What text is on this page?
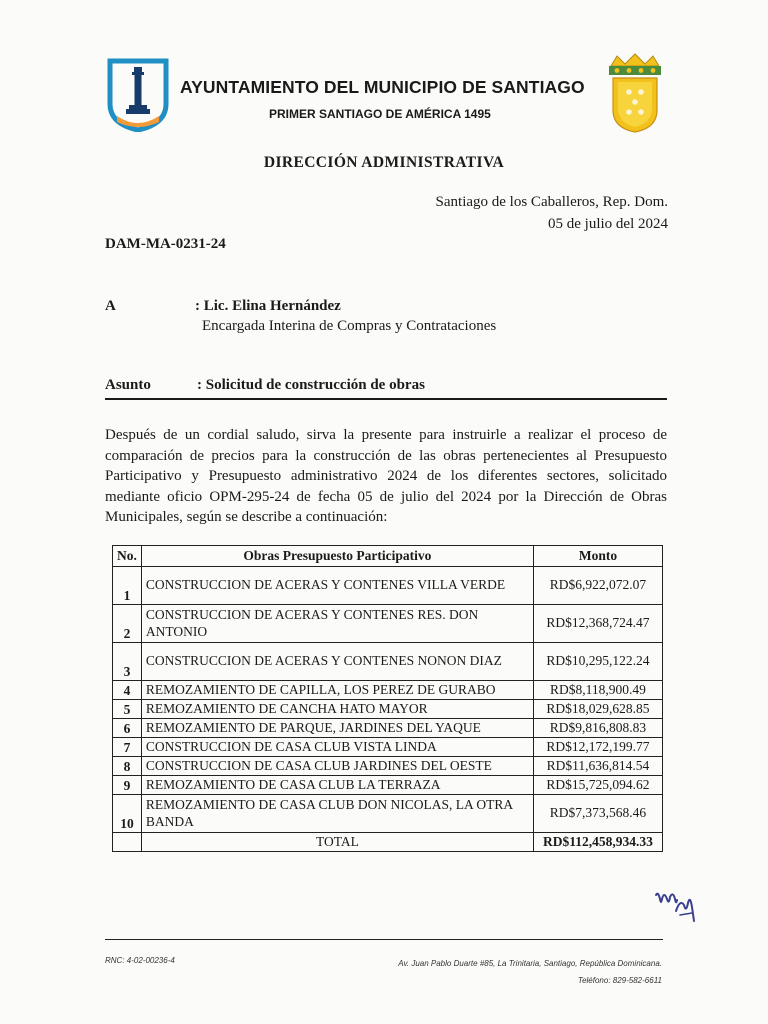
AYUNTAMIENTO DEL MUNICIPIO DE SANTIAGO
PRIMER SANTIAGO DE AMÉRICA 1495
DIRECCIÓN ADMINISTRATIVA
Santiago de los Caballeros, Rep. Dom.
05 de julio del 2024
DAM-MA-0231-24
A	: Lic. Elina Hernández
Encargada Interina de Compras y Contrataciones
Asunto	: Solicitud de construcción de obras
Después de un cordial saludo, sirva la presente para instruirle a realizar el proceso de comparación de precios para la construcción de las obras pertenecientes al Presupuesto Participativo y Presupuesto administrativo 2024 de los diferentes sectores, solicitado mediante oficio OPM-295-24 de fecha 05 de julio del 2024 por la Dirección de Obras Municipales, según se describe a continuación:
No.	Obras Presupuesto Participativo	Monto
1	CONSTRUCCION DE ACERAS Y CONTENES VILLA VERDE	RD$6,922,072.07
2	CONSTRUCCION DE ACERAS Y CONTENES RES. DON ANTONIO	RD$12,368,724.47
3	CONSTRUCCION DE ACERAS Y CONTENES NONON DIAZ	RD$10,295,122.24
4	REMOZAMIENTO DE CAPILLA, LOS PEREZ DE GURABO	RD$8,118,900.49
5	REMOZAMIENTO DE CANCHA HATO MAYOR	RD$18,029,628.85
6	REMOZAMIENTO DE PARQUE, JARDINES DEL YAQUE	RD$9,816,808.83
7	CONSTRUCCION DE CASA CLUB VISTA LINDA	RD$12,172,199.77
8	CONSTRUCCION DE CASA CLUB JARDINES DEL OESTE	RD$11,636,814.54
9	REMOZAMIENTO DE CASA CLUB LA TERRAZA	RD$15,725,094.62
10	REMOZAMIENTO DE CASA CLUB DON NICOLAS, LA OTRA BANDA	RD$7,373,568.46
	TOTAL	RD$112,458,934.33
RNC: 4-02-00236-4	Av. Juan Pablo Duarte #85, La Trinitaria, Santiago, República Dominicana.
Teléfono: 829-582-6611
